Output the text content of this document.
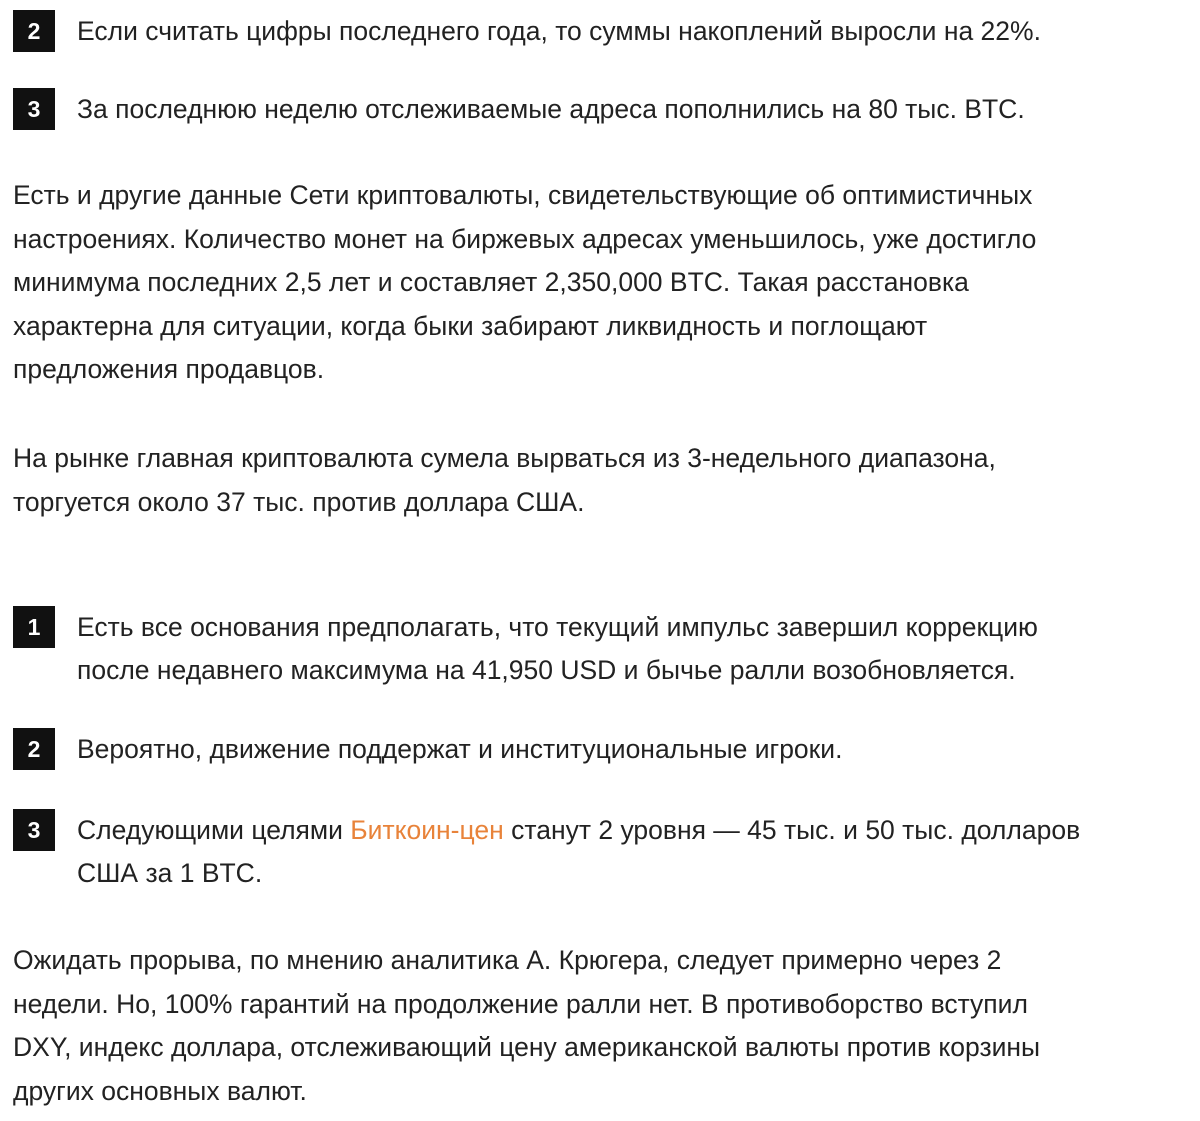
2	Если считать цифры последнего года, то суммы накоплений выросли на 22%.
3	За последнюю неделю отслеживаемые адреса пополнились на 80 тыс. BTC.
Есть и другие данные Сети криптовалюты, свидетельствующие об оптимистичных
настроениях. Количество монет на биржевых адресах уменьшилось, уже достигло
минимума последних 2,5 лет и составляет 2,350,000 BTC. Такая расстановка
характерна для ситуации, когда быки забирают ликвидность и поглощают
предложения продавцов.
На рынке главная криптовалюта сумела вырваться из 3-недельного диапазона,
торгуется около 37 тыс. против доллара США.
1	Есть все основания предполагать, что текущий импульс завершил коррекцию
после недавнего максимума на 41,950 USD и бычье ралли возобновляется.
2	Вероятно, движение поддержат и институциональные игроки.
3	Следующими целями Биткоин-цен станут 2 уровня — 45 тыс. и 50 тыс. долларов
США за 1 BTC.
Ожидать прорыва, по мнению аналитика А. Крюгера, следует примерно через 2
недели. Но, 100% гарантий на продолжение ралли нет. В противоборство вступил
DXY, индекс доллара, отслеживающий цену американской валюты против корзины
других основных валют.
